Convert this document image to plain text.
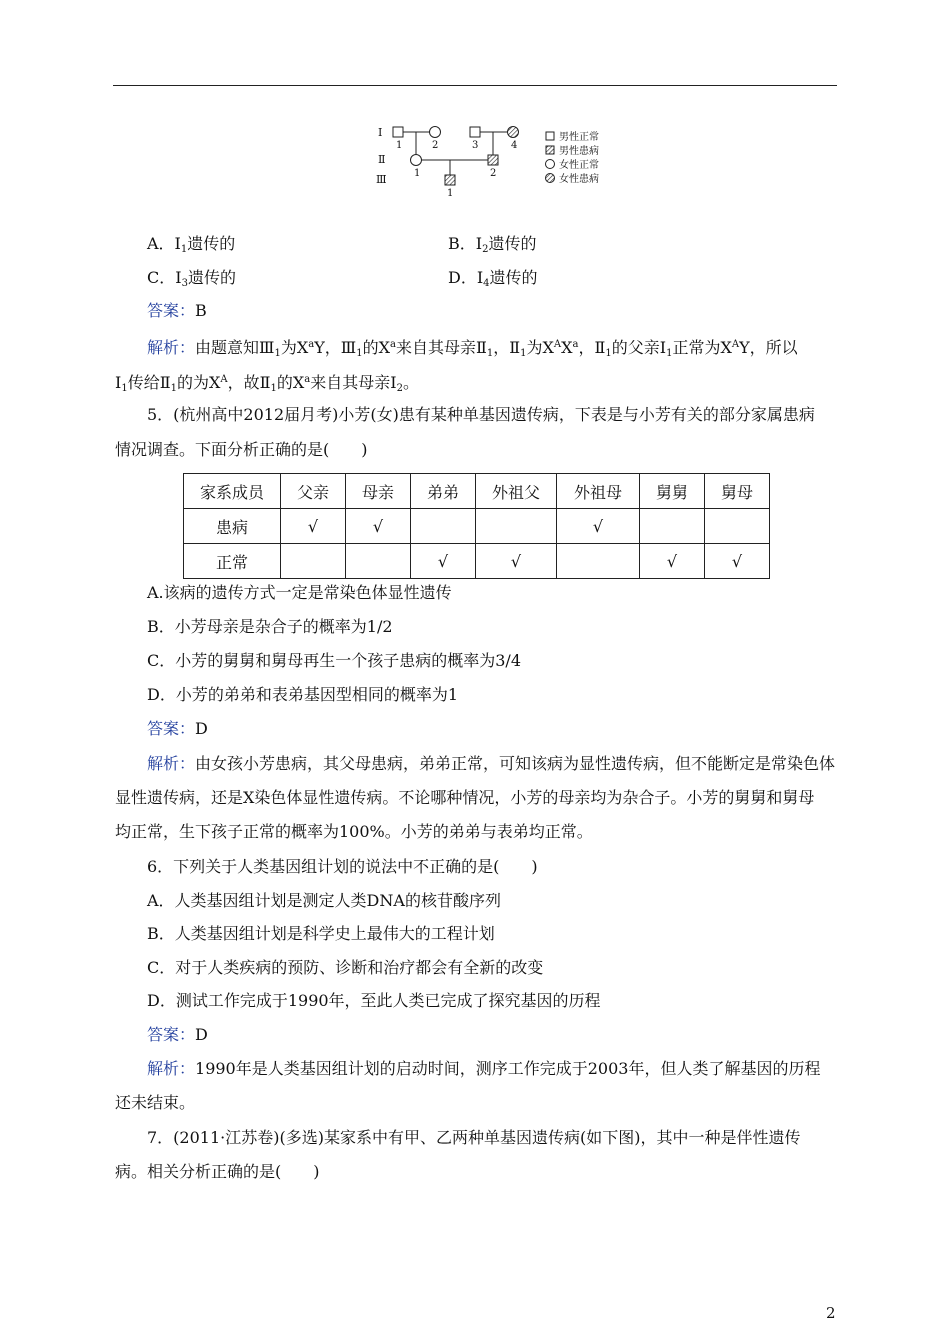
Ⅰ
Ⅱ
Ⅲ
1	2	3	4
1	2
1
男性正常
男性患病
女性正常
女性患病
A．$Ⅰ_1$遗传的	B．$Ⅰ_2$遗传的
C．$Ⅰ_3$遗传的	D．$Ⅰ_4$遗传的
答案：B
解析：由题意知$Ⅲ_1$为$X^aY$，$Ⅲ_1$的$X^a$来自其母亲$Ⅱ_1$，$Ⅱ_1$为$X^AX^a$，$Ⅱ_1$的父亲$Ⅰ_1$正常为$X^AY$，所以
$Ⅰ_1$传给$Ⅱ_1$的为$X^A$，故$Ⅱ_1$的$X^a$来自其母亲$Ⅰ_2$。
5．(杭州高中2012届月考)小芳(女)患有某种单基因遗传病，下表是与小芳有关的部分家属患病
情况调查。下面分析正确的是(　　)
家系成员	父亲	母亲	弟弟	外祖父	外祖母	舅舅	舅母
患病	√	√			√		
正常			√	√		√	√
A.该病的遗传方式一定是常染色体显性遗传
B．小芳母亲是杂合子的概率为1/2
C．小芳的舅舅和舅母再生一个孩子患病的概率为3/4
D．小芳的弟弟和表弟基因型相同的概率为1
答案：D
解析：由女孩小芳患病，其父母患病，弟弟正常，可知该病为显性遗传病，但不能断定是常染色体
显性遗传病，还是X染色体显性遗传病。不论哪种情况，小芳的母亲均为杂合子。小芳的舅舅和舅母
均正常，生下孩子正常的概率为100%。小芳的弟弟与表弟均正常。
6．下列关于人类基因组计划的说法中不正确的是(　　)
A．人类基因组计划是测定人类DNA的核苷酸序列
B．人类基因组计划是科学史上最伟大的工程计划
C．对于人类疾病的预防、诊断和治疗都会有全新的改变
D．测试工作完成于1990年，至此人类已完成了探究基因的历程
答案：D
解析：1990年是人类基因组计划的启动时间，测序工作完成于2003年，但人类了解基因的历程
还未结束。
7．(2011·江苏卷)(多选)某家系中有甲、乙两种单基因遗传病(如下图)，其中一种是伴性遗传
病。相关分析正确的是(　　)
2
